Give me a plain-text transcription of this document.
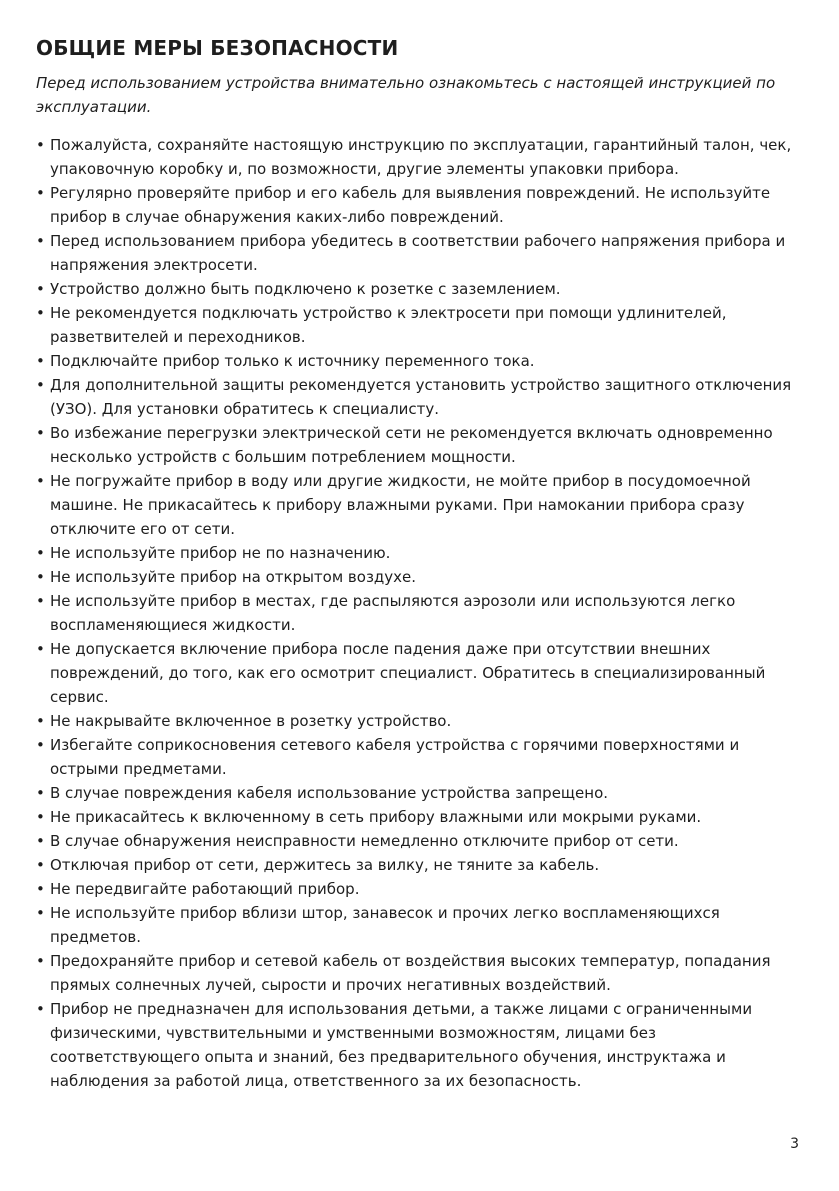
ОБЩИЕ МЕРЫ БЕЗОПАСНОСТИ

Перед использованием устройства внимательно ознакомьтесь с настоящей инструкцией по эксплуатации.

• Пожалуйста, сохраняйте настоящую инструкцию по эксплуатации, гарантийный талон, чек, упаковочную коробку и, по возможности, другие элементы упаковки прибора.
• Регулярно проверяйте прибор и его кабель для выявления повреждений. Не используйте прибор в случае обнаружения каких-либо повреждений.
• Перед использованием прибора убедитесь в соответствии рабочего напряжения прибора и напряжения электросети.
• Устройство должно быть подключено к розетке с заземлением.
• Не рекомендуется подключать устройство к электросети при помощи удлинителей, разветвителей и переходников.
• Подключайте прибор только к источнику переменного тока.
• Для дополнительной защиты рекомендуется установить устройство защитного отключения (УЗО). Для установки обратитесь к специалисту.
• Во избежание перегрузки электрической сети не рекомендуется включать одновременно несколько устройств с большим потреблением мощности.
• Не погружайте прибор в воду или другие жидкости, не мойте прибор в посудомоечной машине. Не прикасайтесь к прибору влажными руками. При намокании прибора сразу отключите его от сети.
• Не используйте прибор не по назначению.
• Не используйте прибор на открытом воздухе.
• Не используйте прибор в местах, где распыляются аэрозоли или используются легко воспламеняющиеся жидкости.
• Не допускается включение прибора после падения даже при отсутствии внешних повреждений, до того, как его осмотрит специалист. Обратитесь в специализированный сервис.
• Не накрывайте включенное в розетку устройство.
• Избегайте соприкосновения сетевого кабеля устройства с горячими поверхностями и острыми предметами.
• В случае повреждения кабеля использование устройства запрещено.
• Не прикасайтесь к включенному в сеть прибору влажными или мокрыми руками.
• В случае обнаружения неисправности немедленно отключите прибор от сети.
• Отключая прибор от сети, держитесь за вилку, не тяните за кабель.
• Не передвигайте работающий прибор.
• Не используйте прибор вблизи штор, занавесок и прочих легко воспламеняющихся предметов.
• Предохраняйте прибор и сетевой кабель от воздействия высоких температур, попадания прямых солнечных лучей, сырости и прочих негативных воздействий.
• Прибор не предназначен для использования детьми, а также лицами с ограниченными физическими, чувствительными и умственными возможностям, лицами без соответствующего опыта и знаний, без предварительного обучения, инструктажа и наблюдения за работой лица, ответственного за их безопасность.
3
